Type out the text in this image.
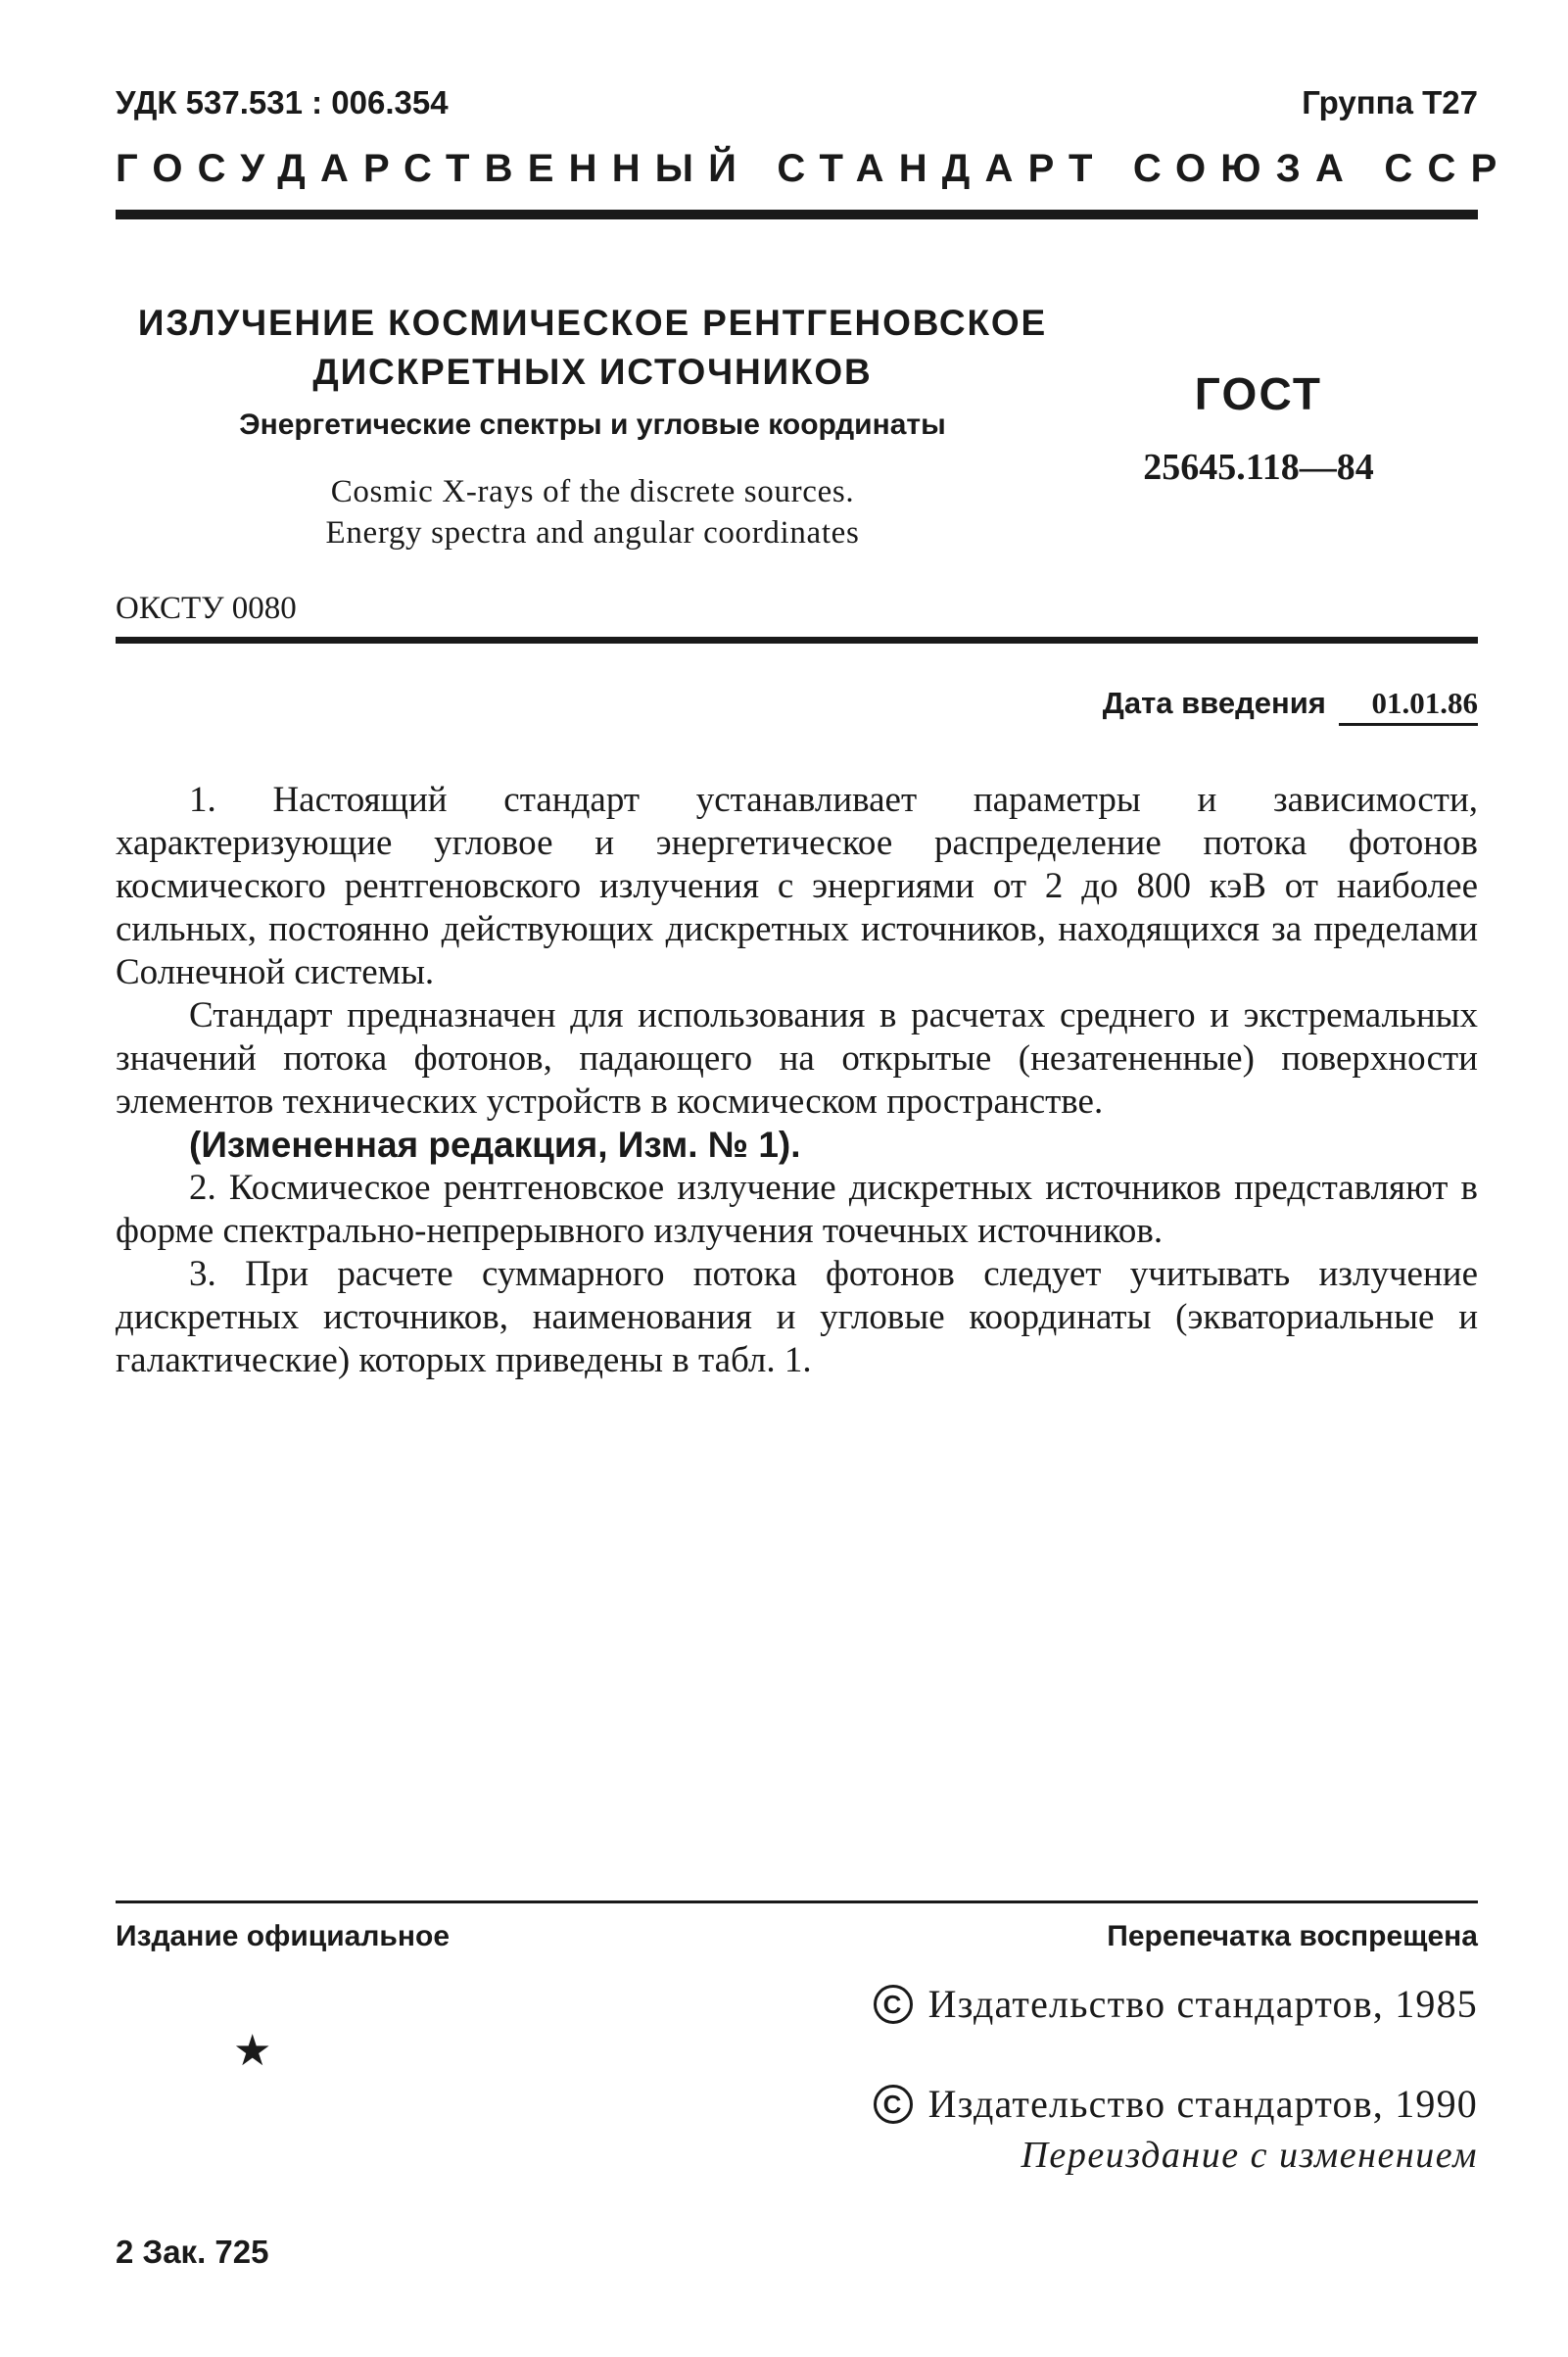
УДК 537.531 : 006.354	Группа Т27
ГОСУДАРСТВЕННЫЙ СТАНДАРТ СОЮЗА ССР
ИЗЛУЧЕНИЕ КОСМИЧЕСКОЕ РЕНТГЕНОВСКОЕ
ДИСКРЕТНЫХ ИСТОЧНИКОВ
Энергетические спектры и угловые координаты
Cosmic X-rays of the discrete sources.
Energy spectra and angular coordinates
ГОСТ
25645.118—84
ОКСТУ 0080
Дата введения 01.01.86

1. Настоящий стандарт устанавливает параметры и зависимости, характеризующие угловое и энергетическое распределение потока фотонов космического рентгеновского излучения с энергиями от 2 до 800 кэВ от наиболее сильных, постоянно действующих дискретных источников, находящихся за пределами Солнечной системы.

Стандарт предназначен для использования в расчетах среднего и экстремальных значений потока фотонов, падающего на открытые (незатененные) поверхности элементов технических устройств в космическом пространстве.

(Измененная редакция, Изм. № 1).

2. Космическое рентгеновское излучение дискретных источников представляют в форме спектрально-непрерывного излучения точечных источников.

3. При расчете суммарного потока фотонов следует учитывать излучение дискретных источников, наименования и угловые координаты (экваториальные и галактические) которых приведены в табл. 1.

Издание официальное	Перепечатка воспрещена
C Издательство стандартов, 1985
★
C Издательство стандартов, 1990
Переиздание с изменением
2 Зак. 725
